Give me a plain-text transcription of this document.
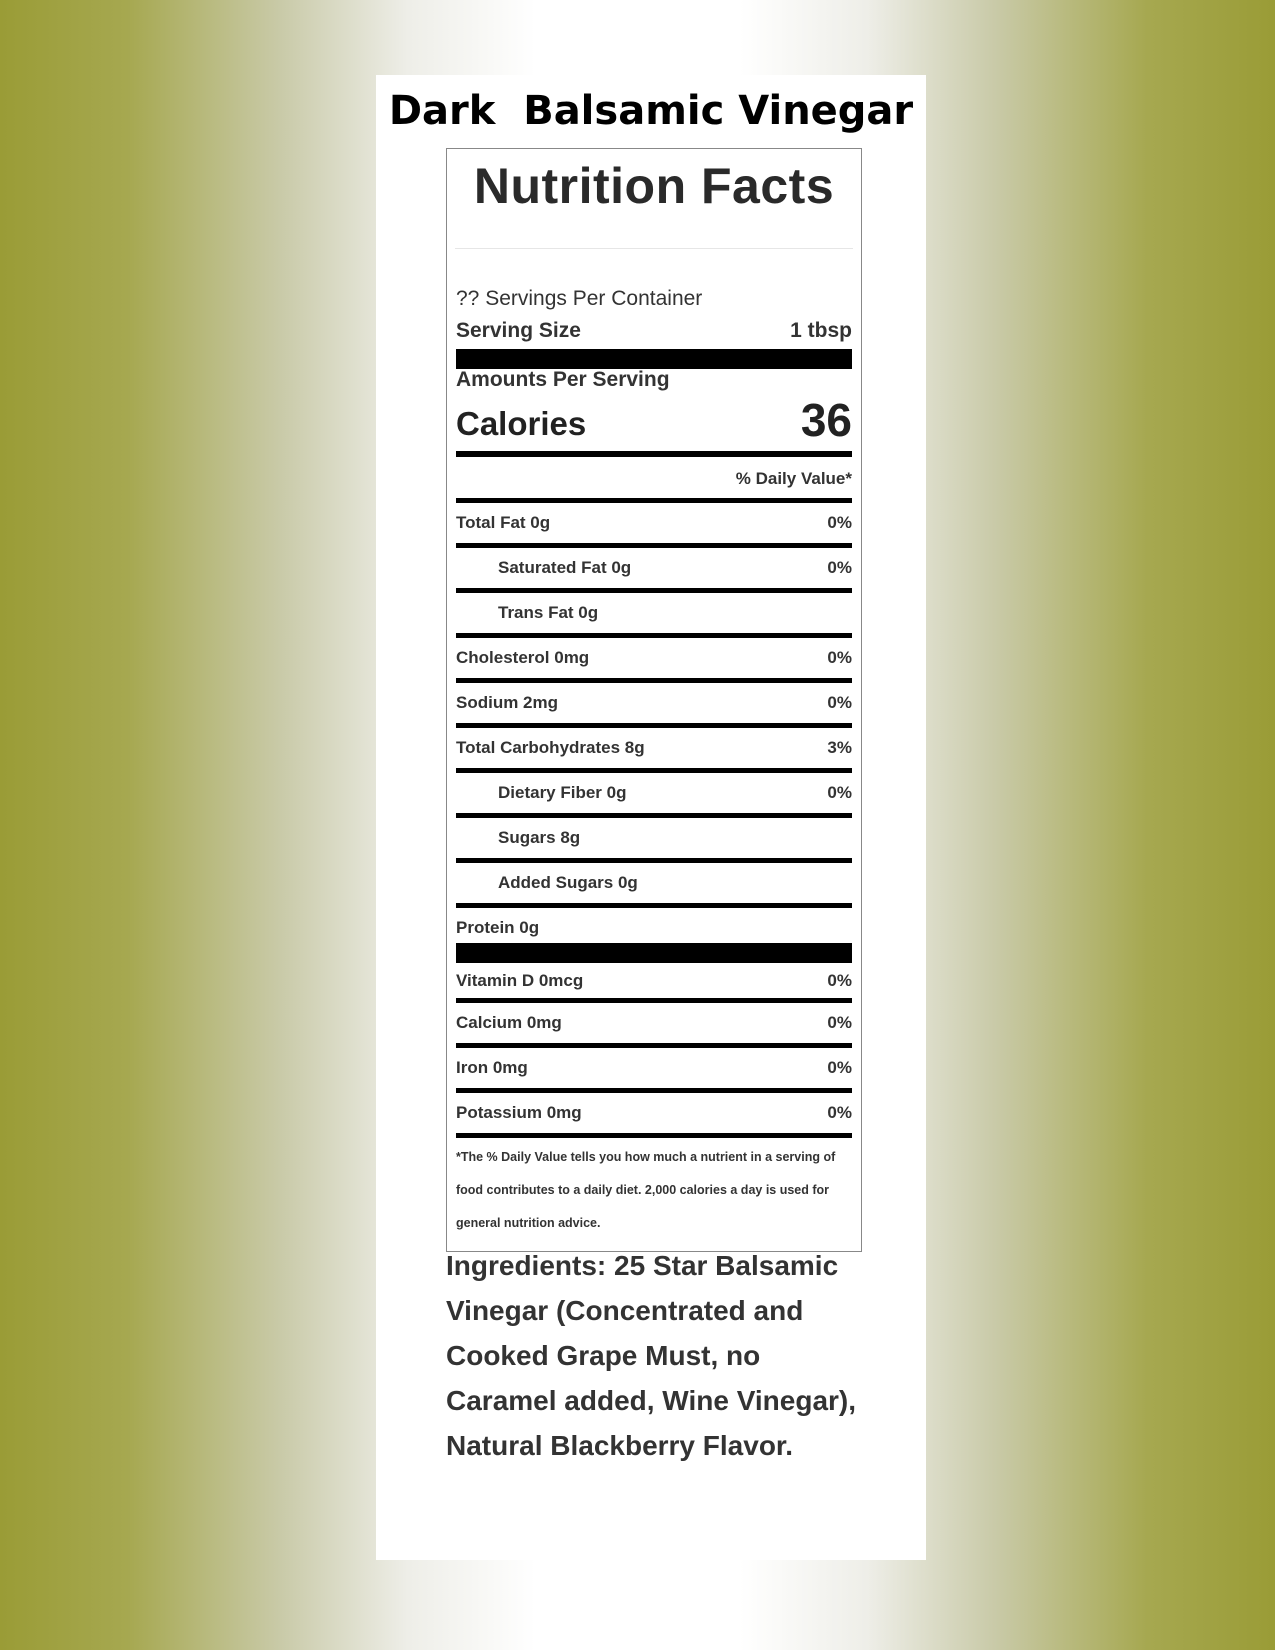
Dark  Balsamic Vinegar
Nutrition Facts
?? Servings Per Container
Serving Size	1 tbsp
Amounts Per Serving
Calories	36
% Daily Value*
Total Fat 0g	0%
Saturated Fat 0g	0%
Trans Fat 0g
Cholesterol 0mg	0%
Sodium 2mg	0%
Total Carbohydrates 8g	3%
Dietary Fiber 0g	0%
Sugars 8g
Added Sugars 0g
Protein 0g
Vitamin D 0mcg	0%
Calcium 0mg	0%
Iron 0mg	0%
Potassium 0mg	0%
*The % Daily Value tells you how much a nutrient in a serving of food contributes to a daily diet. 2,000 calories a day is used for general nutrition advice.
Ingredients: 25 Star Balsamic Vinegar (Concentrated and Cooked Grape Must, no Caramel added, Wine Vinegar), Natural Blackberry Flavor.
